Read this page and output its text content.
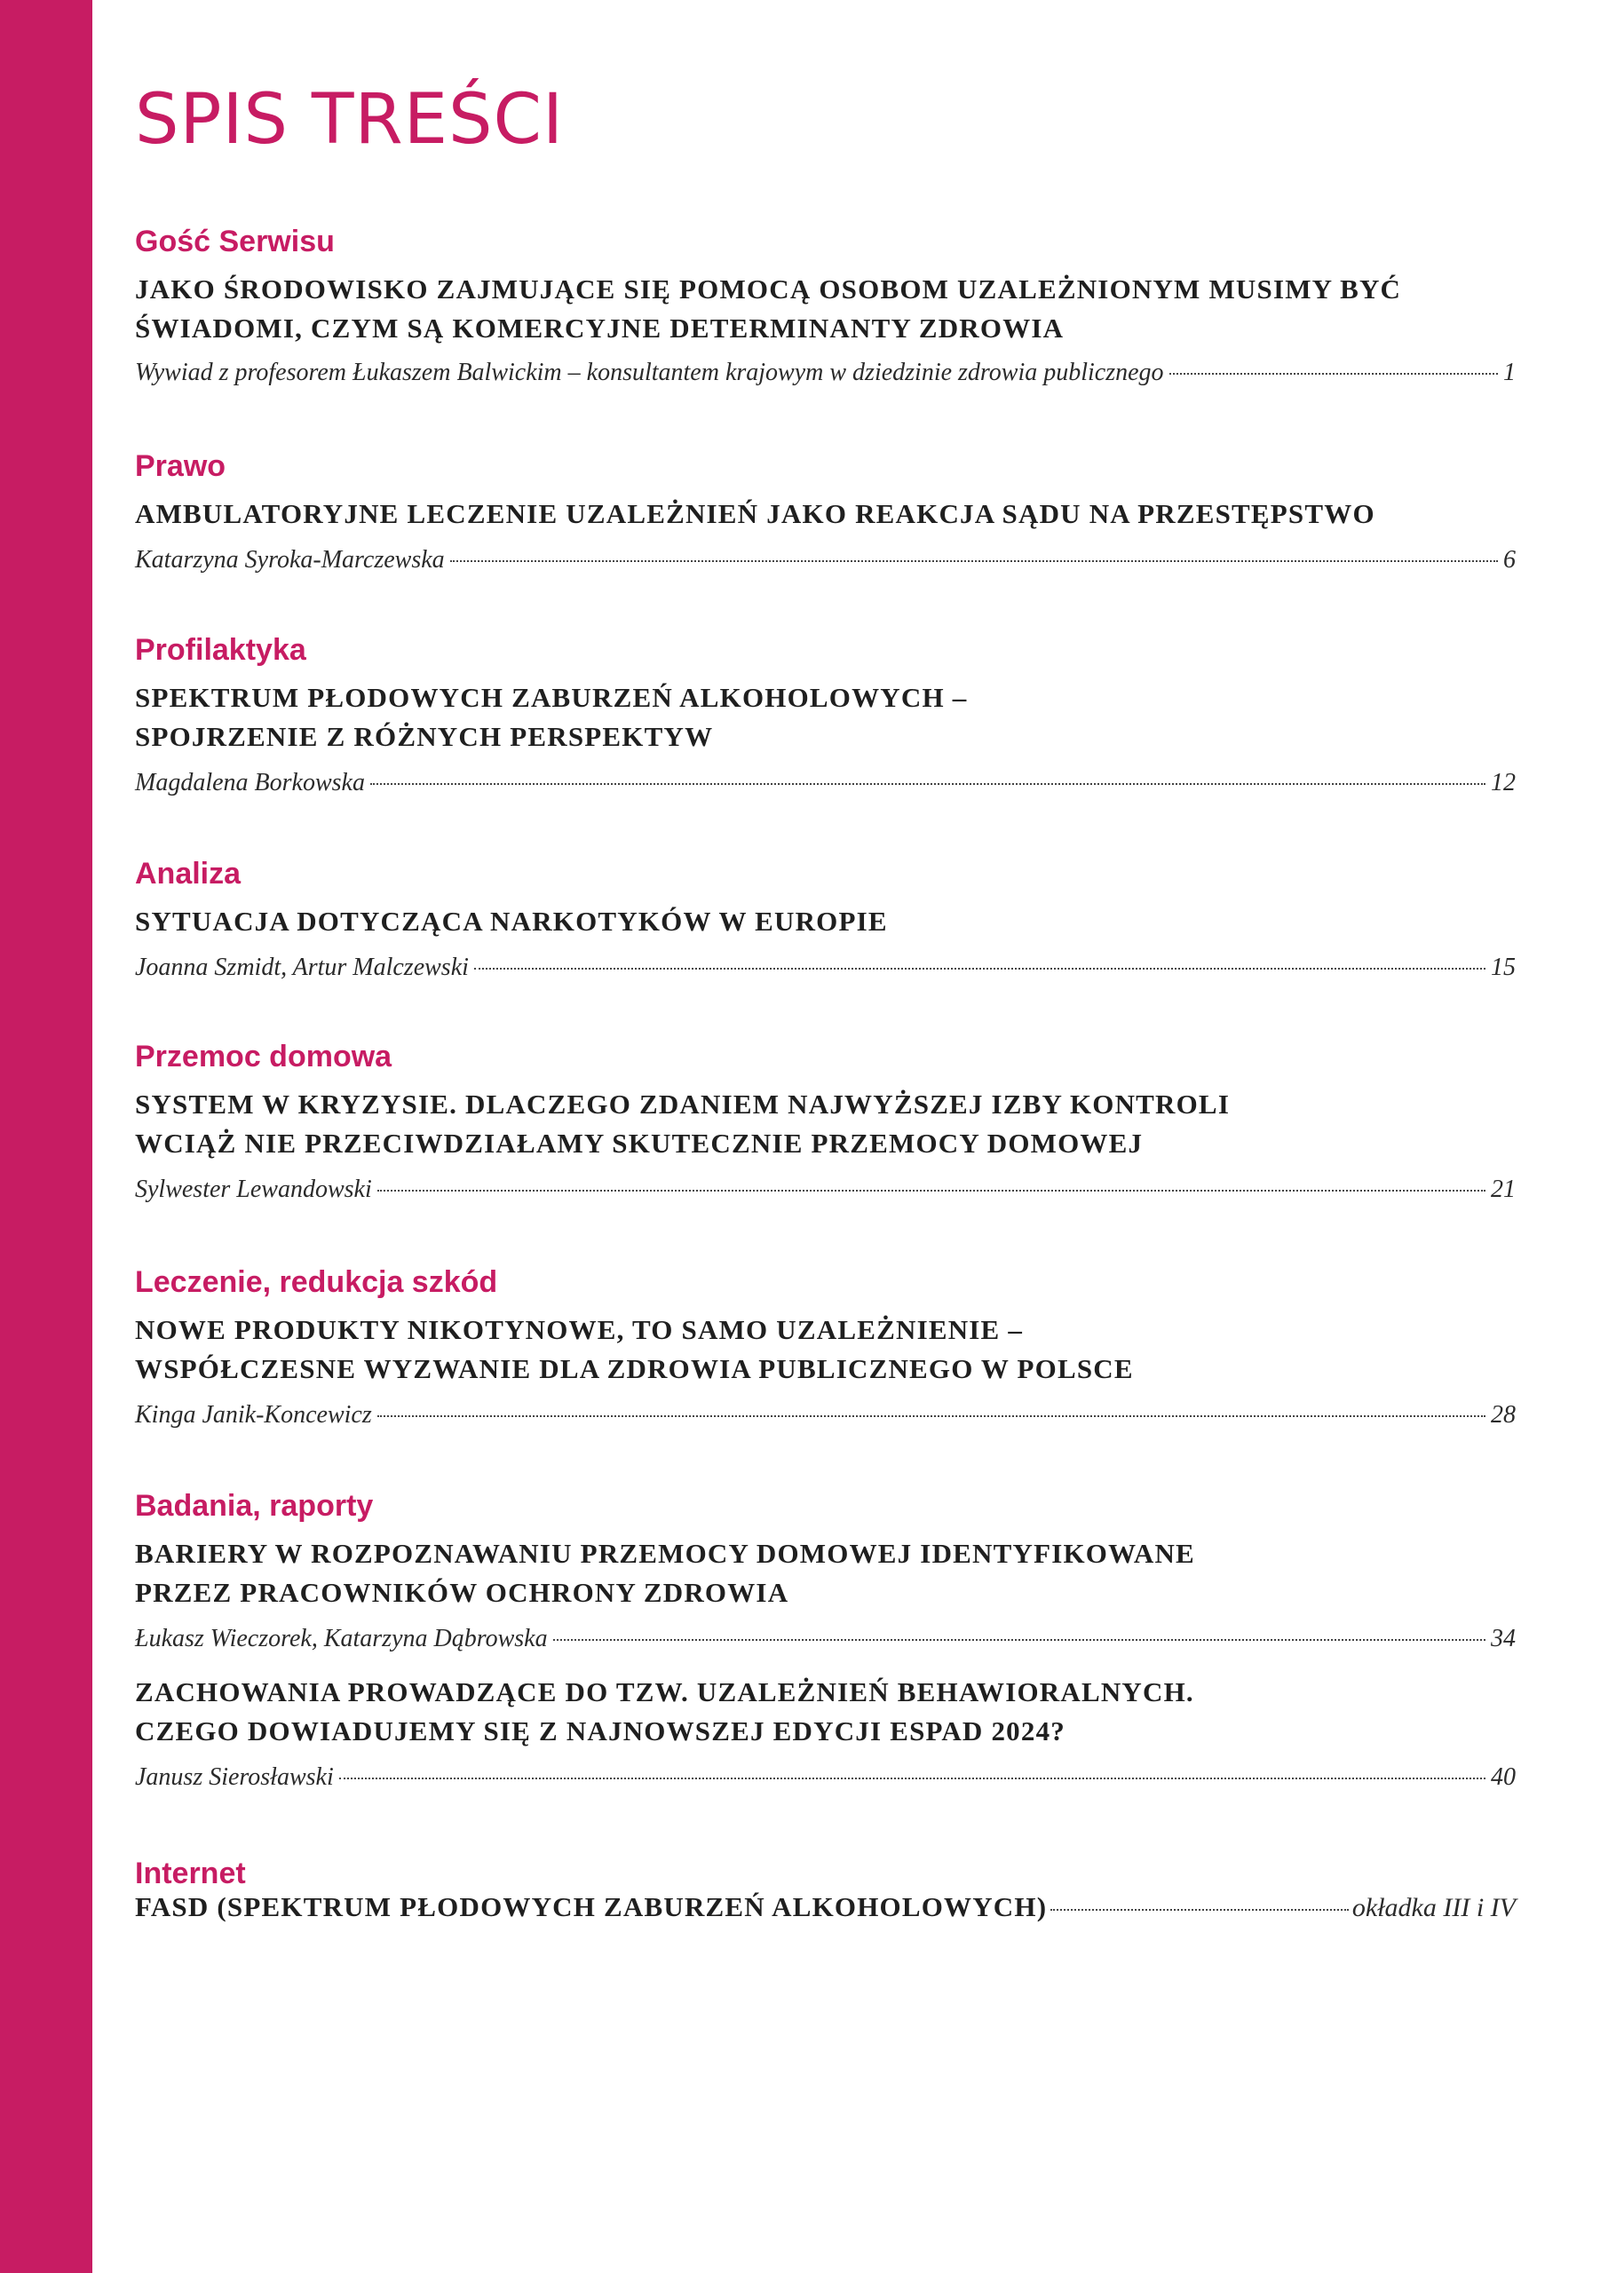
SPIS TREŚCI
Gość Serwisu
JAKO ŚRODOWISKO ZAJMUJĄCE SIĘ POMOCĄ OSOBOM UZALEŻNIONYM MUSIMY BYĆ
ŚWIADOMI, CZYM SĄ KOMERCYJNE DETERMINANTY ZDROWIA
Wywiad z profesorem Łukaszem Balwickim – konsultantem krajowym w dziedzinie zdrowia publicznego	1
Prawo
AMBULATORYJNE LECZENIE UZALEŻNIEŃ JAKO REAKCJA SĄDU NA PRZESTĘPSTWO
Katarzyna Syroka-Marczewska	6
Profilaktyka
SPEKTRUM PŁODOWYCH ZABURZEŃ ALKOHOLOWYCH –
SPOJRZENIE Z RÓŻNYCH PERSPEKTYW
Magdalena Borkowska	12
Analiza
SYTUACJA DOTYCZĄCA NARKOTYKÓW W EUROPIE
Joanna Szmidt, Artur Malczewski	15
Przemoc domowa
SYSTEM W KRYZYSIE. DLACZEGO ZDANIEM NAJWYŻSZEJ IZBY KONTROLI
WCIĄŻ NIE PRZECIWDZIAŁAMY SKUTECZNIE PRZEMOCY DOMOWEJ
Sylwester Lewandowski	21
Leczenie, redukcja szkód
NOWE PRODUKTY NIKOTYNOWE, TO SAMO UZALEŻNIENIE –
WSPÓŁCZESNE WYZWANIE DLA ZDROWIA PUBLICZNEGO W POLSCE
Kinga Janik-Koncewicz	28
Badania, raporty
BARIERY W ROZPOZNAWANIU PRZEMOCY DOMOWEJ IDENTYFIKOWANE
PRZEZ PRACOWNIKÓW OCHRONY ZDROWIA
Łukasz Wieczorek, Katarzyna Dąbrowska	34
ZACHOWANIA PROWADZĄCE DO TZW. UZALEŻNIEŃ BEHAWIORALNYCH.
CZEGO DOWIADUJEMY SIĘ Z NAJNOWSZEJ EDYCJI ESPAD 2024?
Janusz Sierosławski	40
Internet
FASD (SPEKTRUM PŁODOWYCH ZABURZEŃ ALKOHOLOWYCH)	okładka III i IV
